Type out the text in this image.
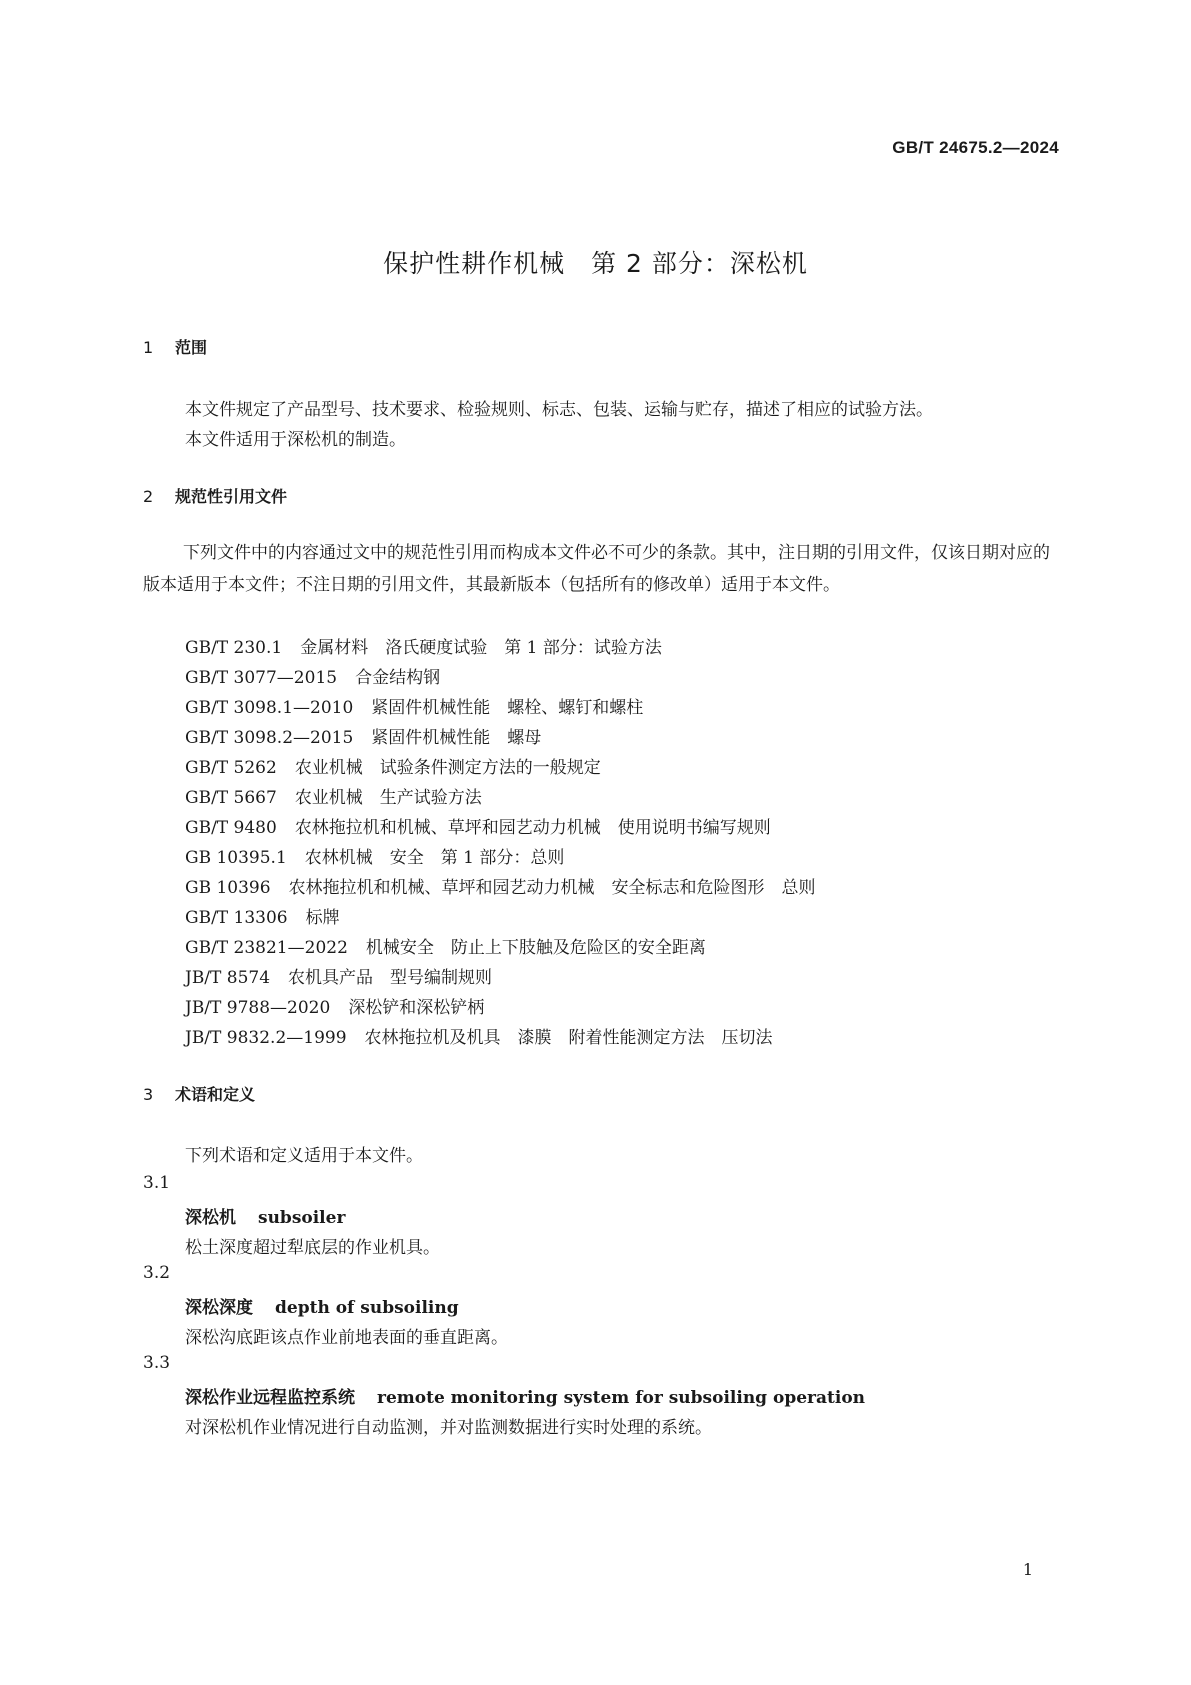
GB/T 24675.2—2024
保护性耕作机械　第 2 部分：深松机
1 范围
本文件规定了产品型号、技术要求、检验规则、标志、包装、运输与贮存，描述了相应的试验方法。
本文件适用于深松机的制造。
2 规范性引用文件
下列文件中的内容通过文中的规范性引用而构成本文件必不可少的条款。其中，注日期的引用文件，仅该日期对应的版本适用于本文件；不注日期的引用文件，其最新版本（包括所有的修改单）适用于本文件。
GB/T 230.1 金属材料　洛氏硬度试验　第 1 部分：试验方法
GB/T 3077—2015 合金结构钢
GB/T 3098.1—2010 紧固件机械性能　螺栓、螺钉和螺柱
GB/T 3098.2—2015 紧固件机械性能　螺母
GB/T 5262 农业机械　试验条件测定方法的一般规定
GB/T 5667 农业机械　生产试验方法
GB/T 9480 农林拖拉机和机械、草坪和园艺动力机械　使用说明书编写规则
GB 10395.1 农林机械　安全　第 1 部分：总则
GB 10396 农林拖拉机和机械、草坪和园艺动力机械　安全标志和危险图形　总则
GB/T 13306 标牌
GB/T 23821—2022 机械安全　防止上下肢触及危险区的安全距离
JB/T 8574 农机具产品　型号编制规则
JB/T 9788—2020 深松铲和深松铲柄
JB/T 9832.2—1999 农林拖拉机及机具　漆膜　附着性能测定方法　压切法
3 术语和定义
下列术语和定义适用于本文件。
3.1
深松机 subsoiler
松土深度超过犁底层的作业机具。
3.2
深松深度 depth of subsoiling
深松沟底距该点作业前地表面的垂直距离。
3.3
深松作业远程监控系统 remote monitoring system for subsoiling operation
对深松机作业情况进行自动监测，并对监测数据进行实时处理的系统。
1
